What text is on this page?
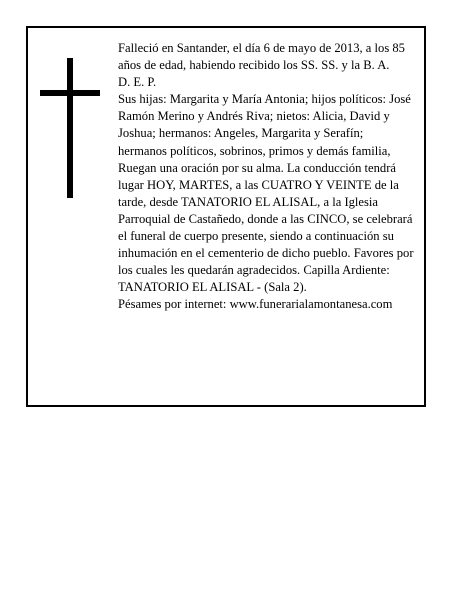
Falleció en Santander, el día 6 de mayo de 2013, a los 85 años de edad, habiendo recibido los SS. SS. y la B. A.

D. E. P.

Sus hijas: Margarita y María Antonia; hijos políticos: José Ramón Merino y Andrés Riva; nietos: Alicia, David y Joshua; hermanos: Angeles, Margarita y Serafín; hermanos políticos, sobrinos, primos y demás familia,

Ruegan una oración por su alma. La conducción tendrá lugar HOY, MARTES, a las CUATRO Y VEINTE de la tarde, desde TANATORIO EL ALISAL, a la Iglesia Parroquial de Castañedo, donde a las CINCO, se celebrará el funeral de cuerpo presente, siendo a continuación su inhumación en el cementerio de dicho pueblo. Favores por los cuales les quedarán agradecidos. Capilla Ardiente: TANATORIO EL ALISAL - (Sala 2).

Pésames por internet: www.funerarialamontanesa.com
